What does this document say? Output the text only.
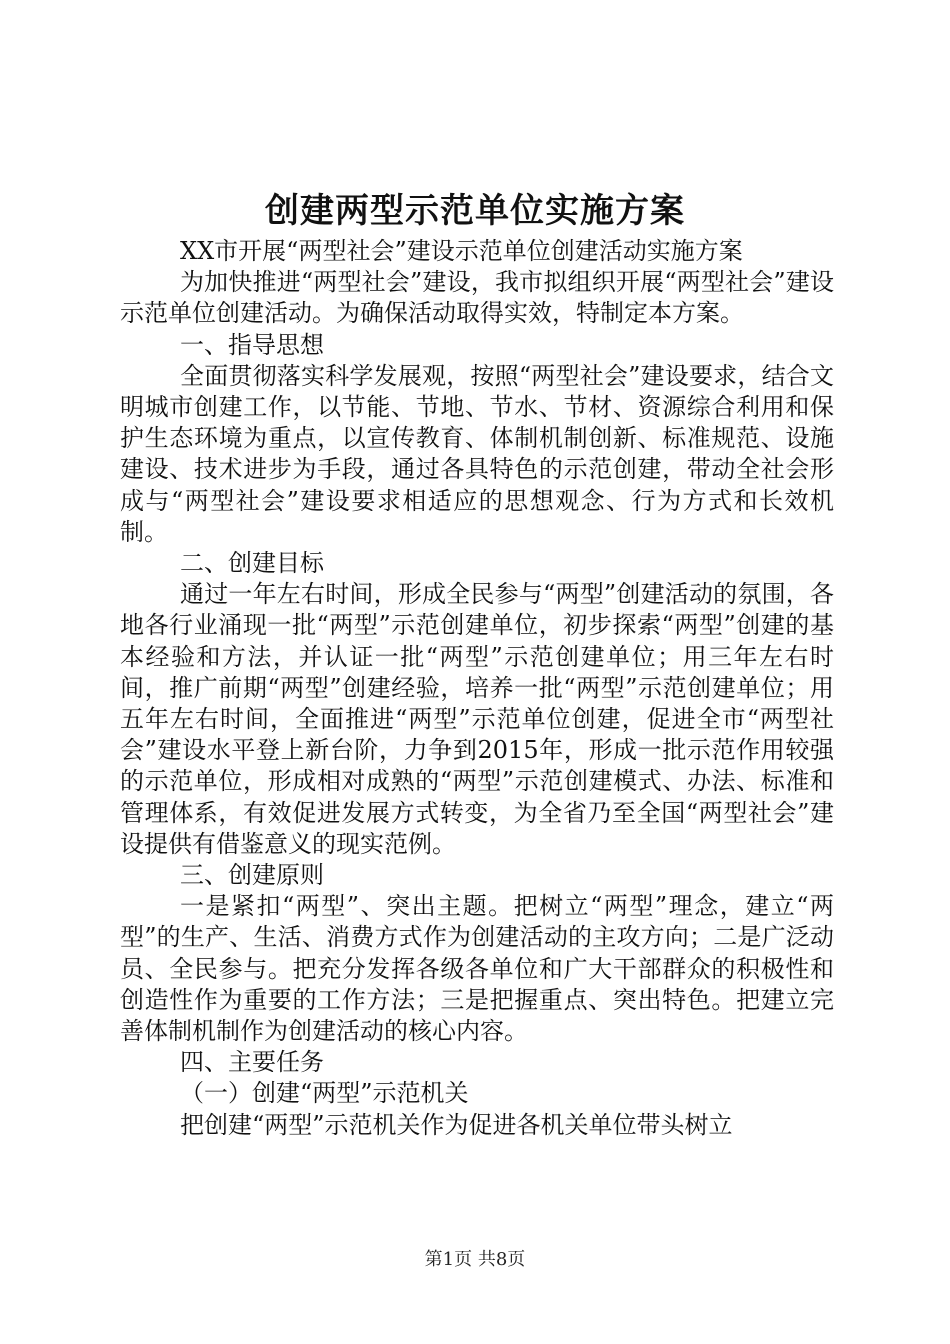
创建两型示范单位实施方案

XX市开展“两型社会”建设示范单位创建活动实施方案

为加快推进“两型社会”建设，我市拟组织开展“两型社会”建设示范单位创建活动。为确保活动取得实效，特制定本方案。

一、指导思想

全面贯彻落实科学发展观，按照“两型社会”建设要求，结合文明城市创建工作，以节能、节地、节水、节材、资源综合利用和保护生态环境为重点，以宣传教育、体制机制创新、标准规范、设施建设、技术进步为手段，通过各具特色的示范创建，带动全社会形成与“两型社会”建设要求相适应的思想观念、行为方式和长效机制。

二、创建目标

通过一年左右时间，形成全民参与“两型”创建活动的氛围，各地各行业涌现一批“两型”示范创建单位，初步探索“两型”创建的基本经验和方法，并认证一批“两型”示范创建单位；用三年左右时间，推广前期“两型”创建经验，培养一批“两型”示范创建单位；用五年左右时间，全面推进“两型”示范单位创建，促进全市“两型社会”建设水平登上新台阶，力争到2015年，形成一批示范作用较强的示范单位，形成相对成熟的“两型”示范创建模式、办法、标准和管理体系，有效促进发展方式转变，为全省乃至全国“两型社会”建设提供有借鉴意义的现实范例。

三、创建原则

一是紧扣“两型”、突出主题。把树立“两型”理念，建立“两型”的生产、生活、消费方式作为创建活动的主攻方向；二是广泛动员、全民参与。把充分发挥各级各单位和广大干部群众的积极性和创造性作为重要的工作方法；三是把握重点、突出特色。把建立完善体制机制作为创建活动的核心内容。

四、主要任务

（一）创建“两型”示范机关

把创建“两型”示范机关作为促进各机关单位带头树立

第1页 共8页
